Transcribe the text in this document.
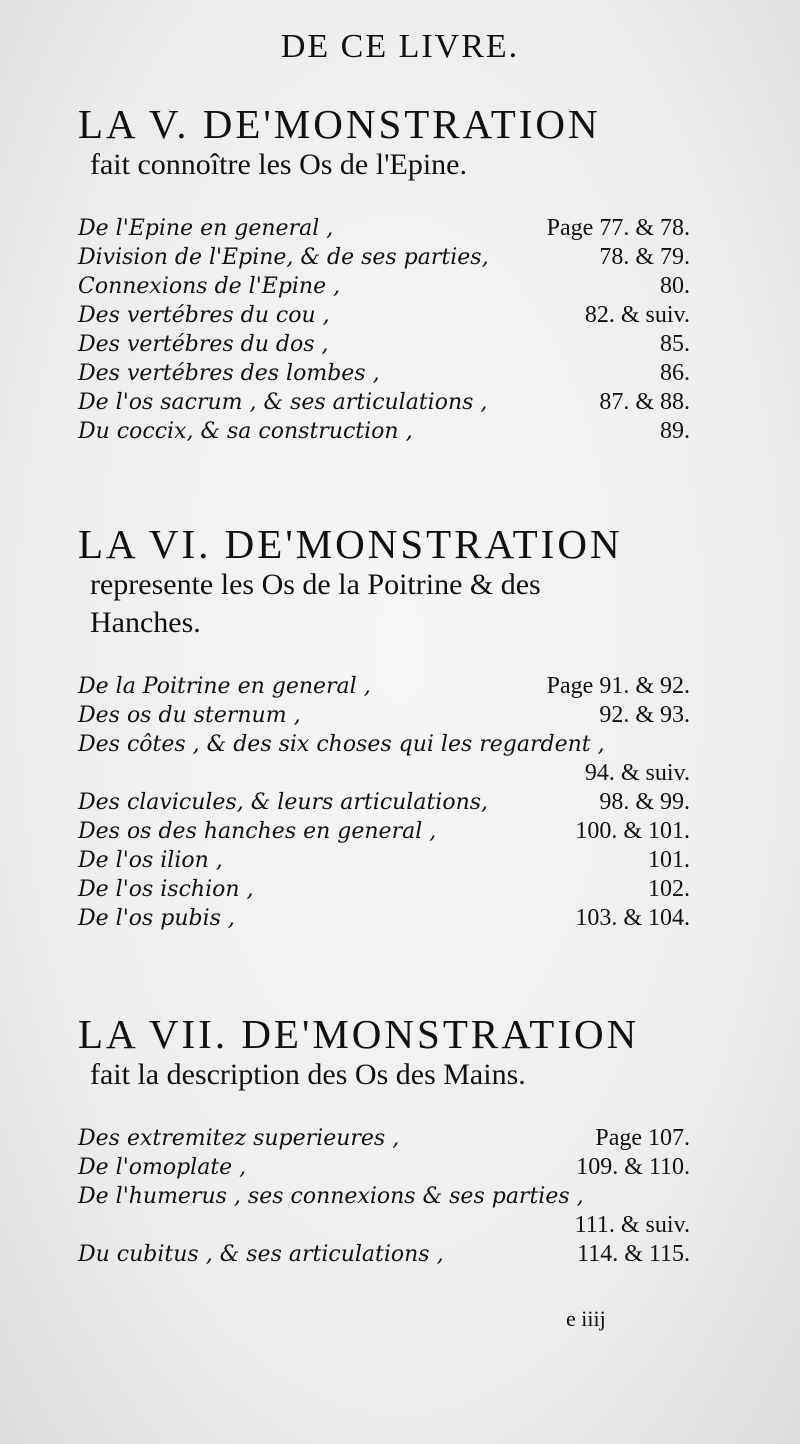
DE CE LIVRE.
LA V. DE'MONSTRATION
fait connoître les Os de l'Epine.
De l'Epine en general ,	Page 77. & 78.
Division de l'Epine, & de ses parties,	78. & 79.
Connexions de l'Epine ,	80.
Des vertébres du cou ,	82. & suiv.
Des vertébres du dos ,	85.
Des vertébres des lombes ,	86.
De l'os sacrum , & ses articulations ,	87. & 88.
Du coccix, & sa construction ,	89.
LA VI. DE'MONSTRATION
represente les Os de la Poitrine & des
Hanches.
De la Poitrine en general ,	Page 91. & 92.
Des os du sternum ,	92. & 93.
Des côtes , & des six choses qui les regardent ,
94. & suiv.
Des clavicules, & leurs articulations,	98. & 99.
Des os des hanches en general ,	100. & 101.
De l'os ilion ,	101.
De l'os ischion ,	102.
De l'os pubis ,	103. & 104.
LA VII. DE'MONSTRATION
fait la description des Os des Mains.
Des extremitez superieures ,	Page 107.
De l'omoplate ,	109. & 110.
De l'humerus , ses connexions & ses parties ,
111. & suiv.
Du cubitus , & ses articulations ,	114. & 115.
e iiij
